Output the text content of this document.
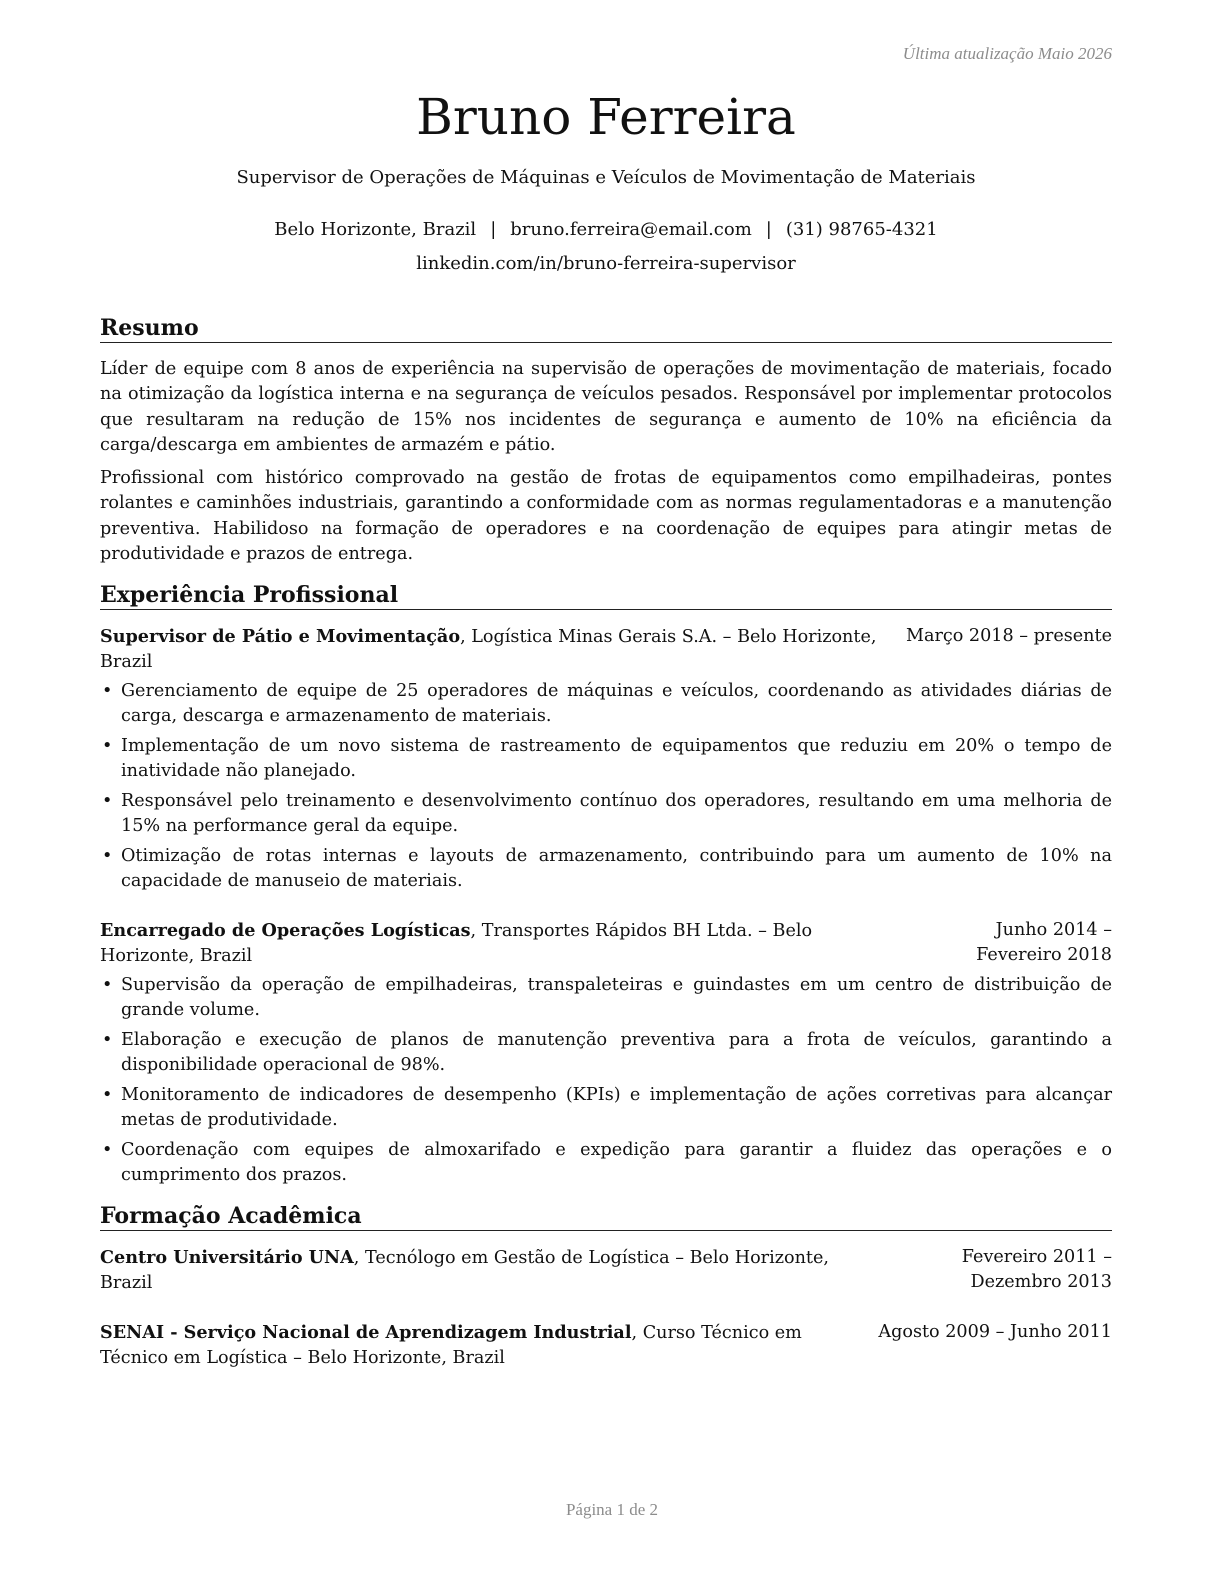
Última atualização Maio 2026
Bruno Ferreira
Supervisor de Operações de Máquinas e Veículos de Movimentação de Materiais
Belo Horizonte, Brazil | bruno.ferreira@email.com | (31) 98765-4321
linkedin.com/in/bruno-ferreira-supervisor
Resumo

Líder de equipe com 8 anos de experiência na supervisão de operações de movimentação de materiais, focado na otimização da logística interna e na segurança de veículos pesados. Responsável por implementar protocolos que resultaram na redução de 15% nos incidentes de segurança e aumento de 10% na eficiência da carga/descarga em ambientes de armazém e pátio.

Profissional com histórico comprovado na gestão de frotas de equipamentos como empilhadeiras, pontes rolantes e caminhões industriais, garantindo a conformidade com as normas regulamentadoras e a manutenção preventiva. Habilidoso na formação de operadores e na coordenação de equipes para atingir metas de produtividade e prazos de entrega.

Experiência Profissional
Supervisor de Pátio e Movimentação, Logística Minas Gerais S.A. – Belo Horizonte, Brazil
Março 2018 – presente
• Gerenciamento de equipe de 25 operadores de máquinas e veículos, coordenando as atividades diárias de carga, descarga e armazenamento de materiais.
• Implementação de um novo sistema de rastreamento de equipamentos que reduziu em 20% o tempo de inatividade não planejado.
• Responsável pelo treinamento e desenvolvimento contínuo dos operadores, resultando em uma melhoria de 15% na performance geral da equipe.
• Otimização de rotas internas e layouts de armazenamento, contribuindo para um aumento de 10% na capacidade de manuseio de materiais.
Encarregado de Operações Logísticas, Transportes Rápidos BH Ltda. – Belo Horizonte, Brazil
Junho 2014 – Fevereiro 2018
• Supervisão da operação de empilhadeiras, transpaleteiras e guindastes em um centro de distribuição de grande volume.
• Elaboração e execução de planos de manutenção preventiva para a frota de veículos, garantindo a disponibilidade operacional de 98%.
• Monitoramento de indicadores de desempenho (KPIs) e implementação de ações corretivas para alcançar metas de produtividade.
• Coordenação com equipes de almoxarifado e expedição para garantir a fluidez das operações e o cumprimento dos prazos.
Formação Acadêmica
Centro Universitário UNA, Tecnólogo em Gestão de Logística – Belo Horizonte, Brazil
Fevereiro 2011 – Dezembro 2013
SENAI - Serviço Nacional de Aprendizagem Industrial, Curso Técnico em Técnico em Logística – Belo Horizonte, Brazil
Agosto 2009 – Junho 2011
Página 1 de 2
